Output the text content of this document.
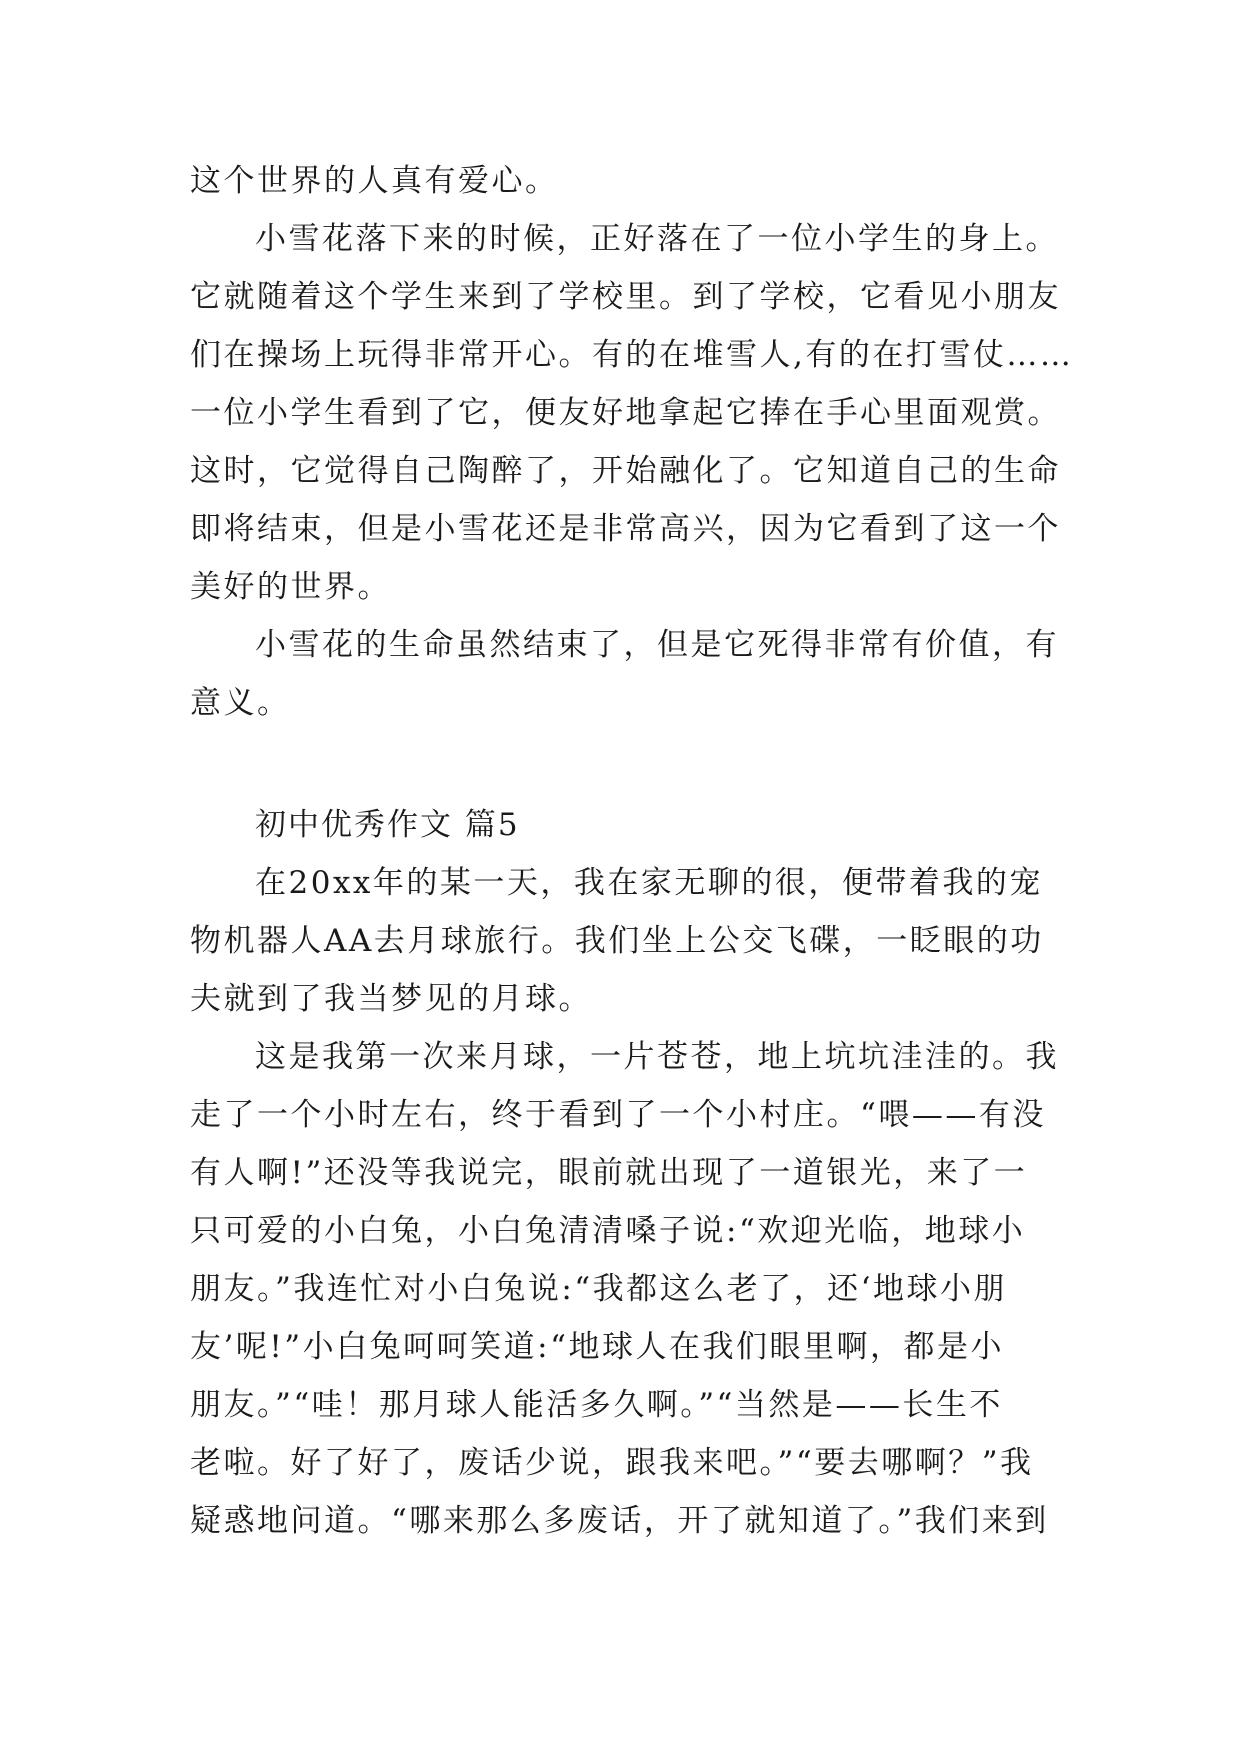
这个世界的人真有爱心。
小雪花落下来的时候，正好落在了一位小学生的身上。
它就随着这个学生来到了学校里。到了学校，它看见小朋友
们在操场上玩得非常开心。有的在堆雪人,有的在打雪仗……
一位小学生看到了它，便友好地拿起它捧在手心里面观赏。
这时，它觉得自己陶醉了，开始融化了。它知道自己的生命
即将结束，但是小雪花还是非常高兴，因为它看到了这一个
美好的世界。
小雪花的生命虽然结束了，但是它死得非常有价值，有
意义。
初中优秀作文 篇5
在20xx年的某一天，我在家无聊的很，便带着我的宠
物机器人AA去月球旅行。我们坐上公交飞碟，一眨眼的功
夫就到了我当梦见的月球。
这是我第一次来月球，一片苍苍，地上坑坑洼洼的。我
走了一个小时左右，终于看到了一个小村庄。“喂——有没
有人啊!”还没等我说完，眼前就出现了一道银光，来了一
只可爱的小白兔，小白兔清清嗓子说:“欢迎光临，地球小
朋友。”我连忙对小白兔说:“我都这么老了，还‘地球小朋
友’呢!”小白兔呵呵笑道:“地球人在我们眼里啊，都是小
朋友。”“哇！那月球人能活多久啊。”“当然是——长生不
老啦。好了好了，废话少说，跟我来吧。”“要去哪啊？”我
疑惑地问道。“哪来那么多废话，开了就知道了。”我们来到
